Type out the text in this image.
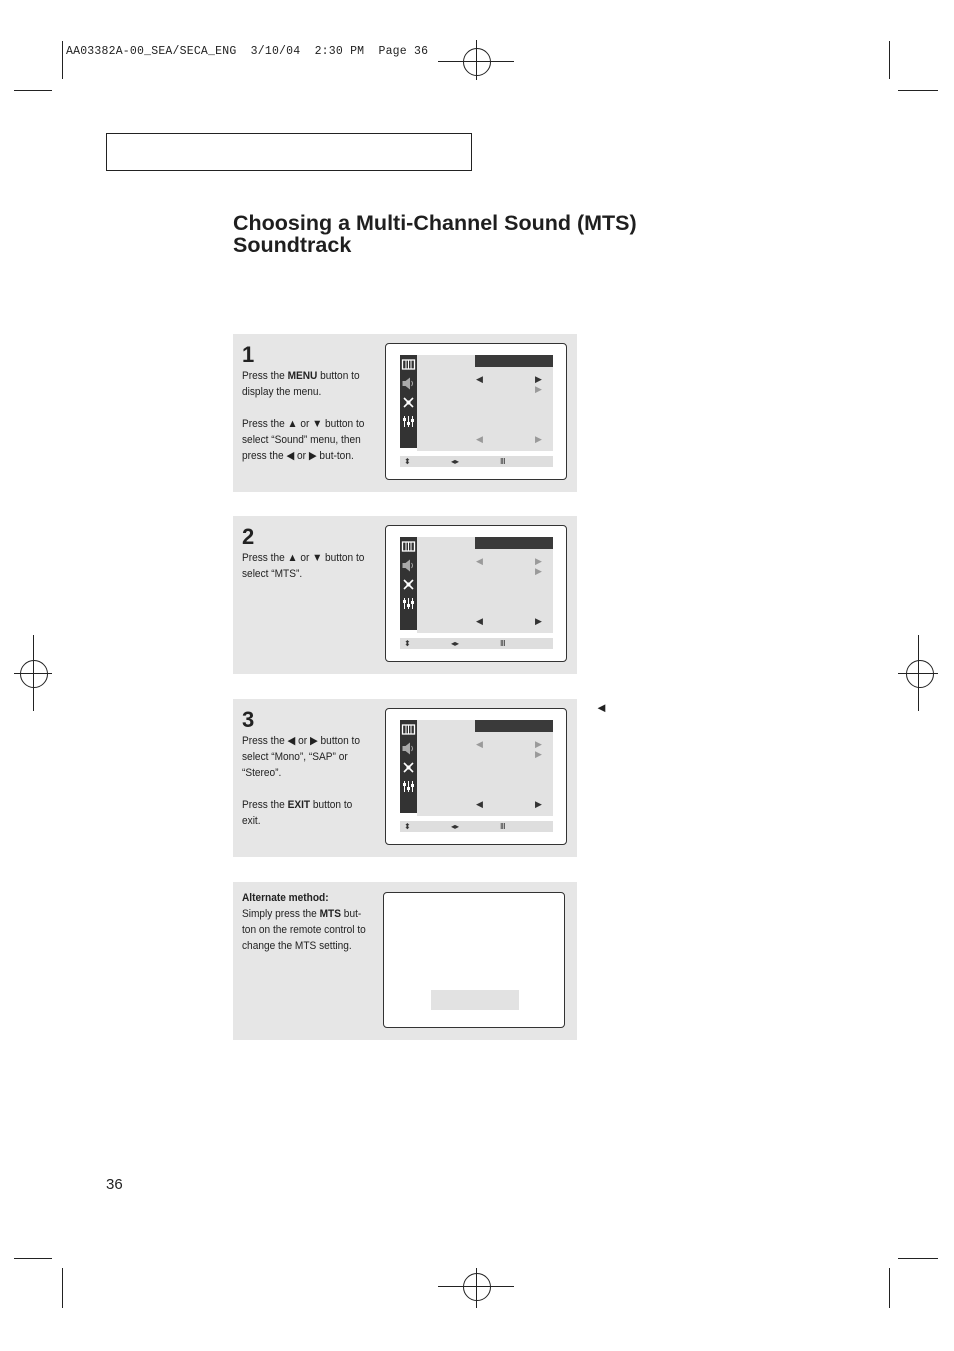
AA03382A-00_SEA/SECA_ENG 3/10/04 2:30 PM Page 36
Choosing a Multi-Channel Sound (MTS)
Soundtrack
1

Press the MENU button to display the menu.

Press the ▲ or ▼ button to select “Sound” menu, then press the ◀ or ▶ but-ton.

◀	▶
▶
◀	▶
⬍	◂▸	Ⅲ
2

Press the ▲ or ▼ button to select “MTS”.

◀	▶
▶
◀	▶
⬍	◂▸	Ⅲ
3

Press the ◀ or ▶ button to select “Mono”, “SAP” or “Stereo”.

Press the EXIT button to exit.

◀	▶
▶
◀	▶
⬍	◂▸	Ⅲ
◄
Alternate method:
Simply press the MTS but-ton on the remote control to change the MTS setting.
36
